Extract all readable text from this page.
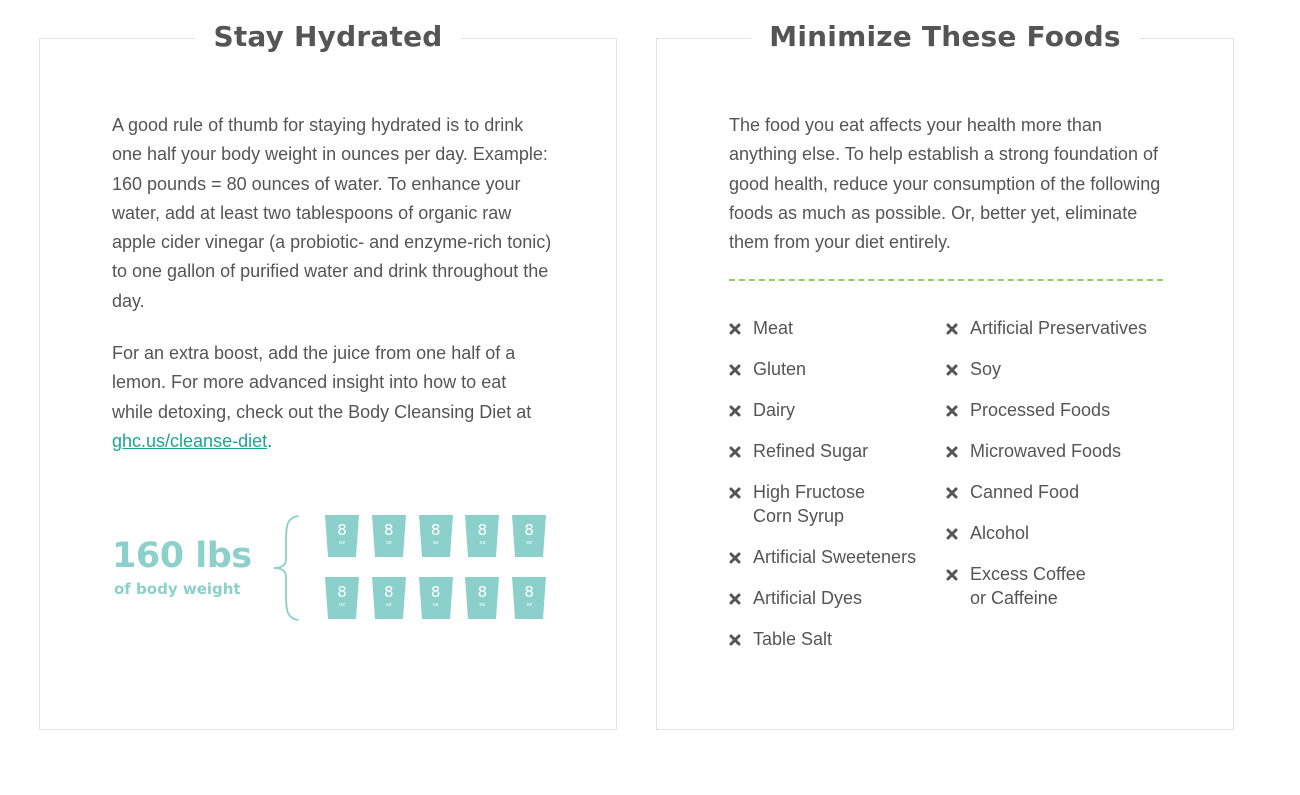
Stay Hydrated

A good rule of thumb for staying hydrated is to drink one half your body weight in ounces per day. Example: 160 pounds = 80 ounces of water. To enhance your water, add at least two tablespoons of organic raw apple cider vinegar (a probiotic- and enzyme-rich tonic) to one gallon of purified water and drink throughout the day.

For an extra boost, add the juice from one half of a lemon. For more advanced insight into how to eat while detoxing, check out the Body Cleansing Diet at ghc.us/cleanse-diet.

160 lbs
of body weight
8
oz
8
oz
8
oz
8
oz
8
oz
8
oz
8
oz
8
oz
8
oz
8
oz
Minimize These Foods

The food you eat affects your health more than anything else. To help establish a strong foundation of good health, reduce your consumption of the following foods as much as possible. Or, better yet, eliminate them from your diet entirely.

Meat
Gluten
Dairy
Refined Sugar
High Fructose
Corn Syrup
Artificial Sweeteners
Artificial Dyes
Table Salt
Artificial Preservatives
Soy
Processed Foods
Microwaved Foods
Canned Food
Alcohol
Excess Coffee
or Caffeine
